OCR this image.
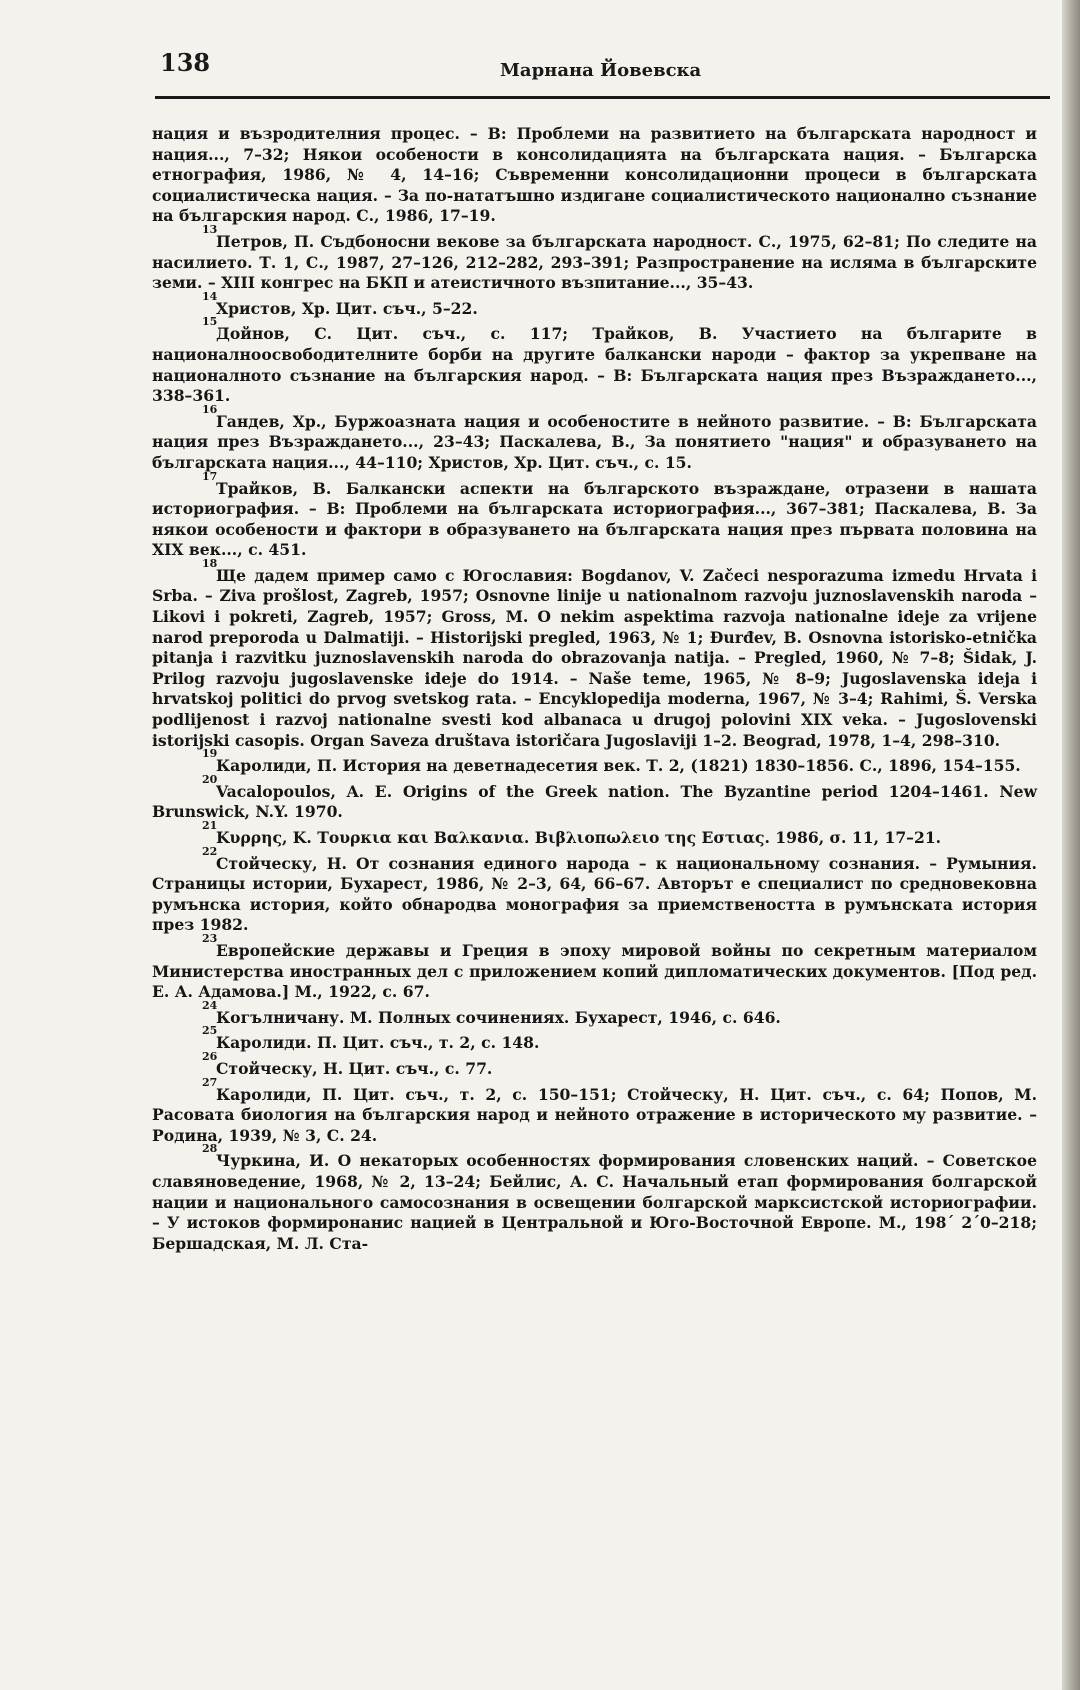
138	Марнана Йовевска

нация и възродителния процес. – В: Проблеми на развитието на българската народност и нация..., 7–32; Някои особености в консолидацията на българската нация. – Българска етнография, 1986, № 4, 14–16; Съвременни консолидационни процеси в българската социалистическа нация. – За по-нататъшно издигане социалистическото национално съзнание на българския народ. С., 1986, 17–19.

13
Петров, П. Съдбоносни векове за българската народност. С., 1975, 62–81; По следите на насилието. Т. 1, С., 1987, 27–126, 212–282, 293–391; Разпространение на исляма в българските земи. – XIII конгрес на БКП и атеистичното възпитание..., 35–43.

14
Христов, Хр. Цит. съч., 5–22.

15
Дойнов, С. Цит. съч., с. 117; Трайков, В. Участието на българите в националноосвободителните борби на другите балкански народи – фактор за укрепване на националното съзнание на българския народ. – В: Българската нация през Възраждането..., 338–361.

16
Гандев, Хр., Буржоазната нация и особеностите в нейното развитие. – В: Българската нация през Възраждането..., 23–43; Паскалева, В., За понятието "нация" и образуването на българската нация..., 44–110; Христов, Хр. Цит. съч., с. 15.

17
Трайков, В. Балкански аспекти на българското възраждане, отразени в нашата историография. – В: Проблеми на българската историография..., 367–381; Паскалева, В. За някои особености и фактори в образуването на българската нация през първата половина на XIX век..., с. 451.

18
Ще дадем пример само с Югославия: Bogdanov, V. Začeci nesporazuma izmedu Hrvata i Srba. – Ziva prošlost, Zagreb, 1957; Osnovne linije u nationalnom razvoju juznoslavenskih naroda – Likovi i pokreti, Zagreb, 1957; Gross, M. O nekim aspektima razvoja nationalne ideje za vrijene narod preporoda u Dalmatiji. – Historijski pregled, 1963, № 1; Đurđev, B. Osnovna istorisko-etnička pitanja i razvitku juznoslavenskih naroda do obrazovanja natija. – Pregled, 1960, № 7–8; Šidak, J. Prilog razvoju jugoslavenske ideje do 1914. – Naše teme, 1965, № 8–9; Jugoslavenska ideja i hrvatskoj politici do prvog svetskog rata. – Encyklopedija moderna, 1967, № 3–4; Rahimi, Š. Verska podlijenost i razvoj nationalne svesti kod albanaca u drugoj polovini XIX veka. – Jugoslovenski istorijski casopis. Organ Saveza društava istoričara Jugoslaviji 1–2. Beograd, 1978, 1–4, 298–310.

19
Каролиди, П. История на деветнадесетия век. Т. 2, (1821) 1830–1856. С., 1896, 154–155.

20
Vacalopoulos, A. E. Origins of the Greek nation. The Byzantine period 1204–1461. New Brunswick, N.Y. 1970.

21
Κυρρης, Κ. Τουρκια και Βαλκανια. Βιβλιοπωλειο της Εστιας. 1986, σ. 11, 17–21.

22
Стойческу, Н. От сознания единого народа – к национальному сознания. – Румыния. Страницы истории, Бухарест, 1986, № 2–3, 64, 66–67. Авторът е специалист по средновековна румънска история, който обнародва монография за приемствеността в румънската история през 1982.

23
Европейские державы и Греция в эпоху мировой войны по секретным материалом Министерства иностранных дел с приложением копий дипломатических документов. [Под ред. Е. А. Адамова.] М., 1922, с. 67.

24
Когълничану. М. Полных сочинениях. Бухарест, 1946, с. 646.

25
Каролиди. П. Цит. съч., т. 2, с. 148.

26
Стойческу, Н. Цит. съч., с. 77.

27
Каролиди, П. Цит. съч., т. 2, с. 150–151; Стойческу, Н. Цит. съч., с. 64; Попов, М. Расовата биология на българския народ и нейното отражение в историческото му развитие. – Родина, 1939, № 3, С. 24.

28
Чуркина, И. О некаторых особенностях формирования словенских наций. – Советское славяноведение, 1968, № 2, 13–24; Бейлис, А. С. Начальный етап формирования болгарской нации и национального самосознания в освещении болгарской марксистской историографии. – У истоков формиронанис нацией в Центральной и Юго-Восточной Европе. М., 198´ 2´0–218; Бершадская, М. Л. Ста-
